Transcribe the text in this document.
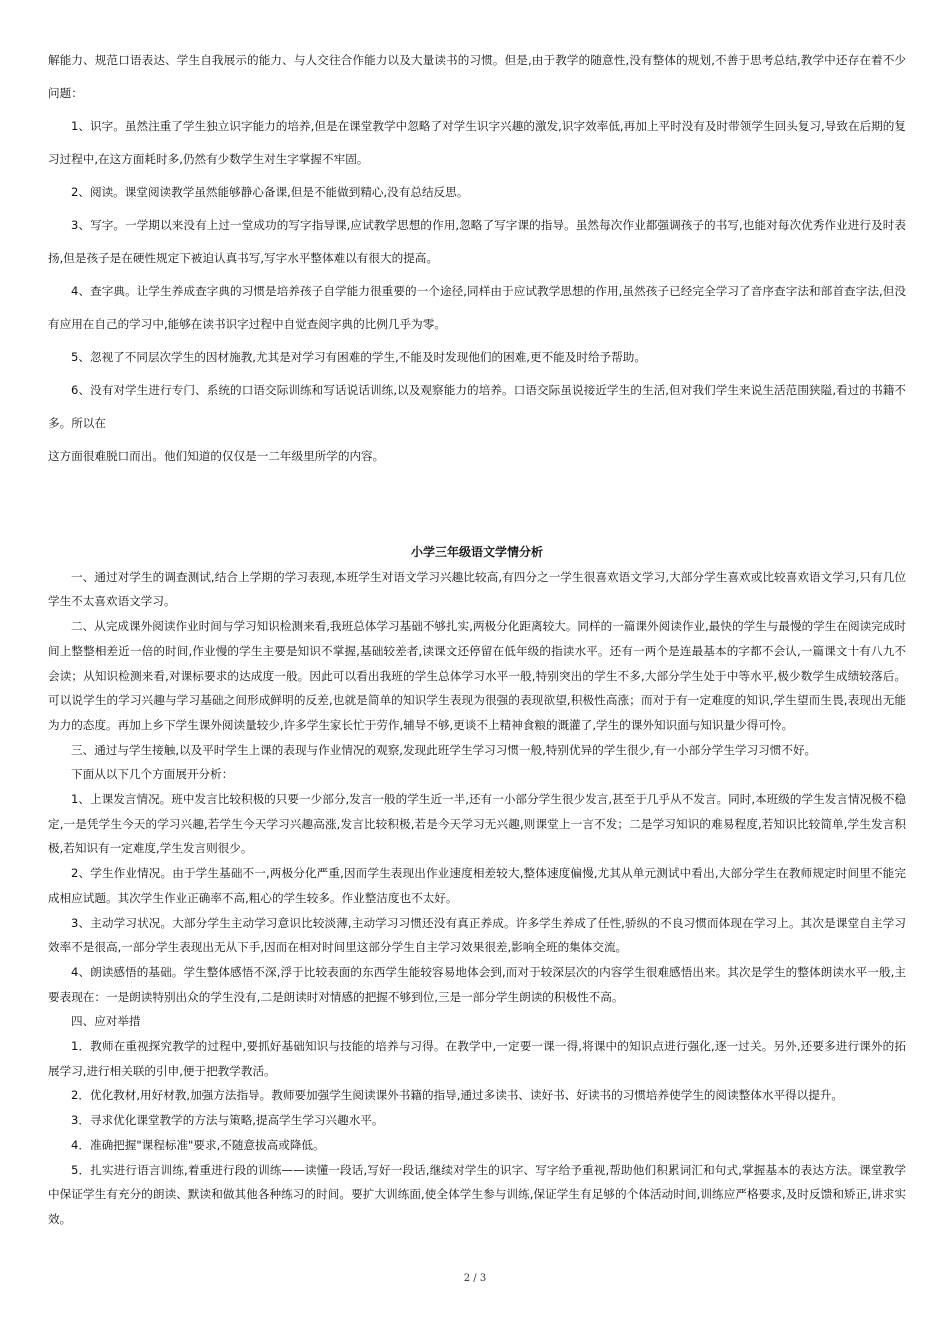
解能力、规范口语表达、学生自我展示的能力、与人交往合作能力以及大量读书的习惯。但是,由于教学的随意性,没有整体的规划,不善于思考总结,教学中还存在着不少问题：

1、识字。虽然注重了学生独立识字能力的培养,但是在课堂教学中忽略了对学生识字兴趣的激发,识字效率低,再加上平时没有及时带领学生回头复习,导致在后期的复习过程中,在这方面耗时多,仍然有少数学生对生字掌握不牢固。

2、阅读。课堂阅读教学虽然能够静心备课,但是不能做到精心,没有总结反思。

3、写字。一学期以来没有上过一堂成功的写字指导课,应试教学思想的作用,忽略了写字课的指导。虽然每次作业都强调孩子的书写,也能对每次优秀作业进行及时表扬,但是孩子是在硬性规定下被迫认真书写,写字水平整体难以有很大的提高。

4、查字典。让学生养成查字典的习惯是培养孩子自学能力很重要的一个途径,同样由于应试教学思想的作用,虽然孩子已经完全学习了音序查字法和部首查字法,但没有应用在自己的学习中,能够在读书识字过程中自觉查阅字典的比例几乎为零。

5、忽视了不同层次学生的因材施教,尤其是对学习有困难的学生,不能及时发现他们的困难,更不能及时给予帮助。

6、没有对学生进行专门、系统的口语交际训练和写话说话训练,以及观察能力的培养。口语交际虽说接近学生的生活,但对我们学生来说生活范围狭隘,看过的书籍不多。所以在

这方面很难脱口而出。他们知道的仅仅是一二年级里所学的内容。

小学三年级语文学情分析

一、通过对学生的调查测试,结合上学期的学习表现,本班学生对语文学习兴趣比较高,有四分之一学生很喜欢语文学习,大部分学生喜欢或比较喜欢语文学习,只有几位学生不太喜欢语文学习。

二、从完成课外阅读作业时间与学习知识检测来看,我班总体学习基础不够扎实,两极分化距离较大。同样的一篇课外阅读作业,最快的学生与最慢的学生在阅读完成时间上整整相差近一倍的时间,作业慢的学生主要是知识不掌握,基础较差者,读课文还停留在低年级的指读水平。还有一两个是连最基本的字都不会认,一篇课文十有八九不会读；从知识检测来看,对课标要求的达成度一般。因此可以看出我班的学生总体学习水平一般,特别突出的学生不多,大部分学生处于中等水平,极少数学生成绩较落后。可以说学生的学习兴趣与学习基础之间形成鲜明的反差,也就是简单的知识学生表现为很强的表现欲望,积极性高涨；而对于有一定难度的知识,学生望而生畏,表现出无能为力的态度。再加上乡下学生课外阅读量较少,许多学生家长忙于劳作,辅导不够,更谈不上精神食粮的溉灌了,学生的课外知识面与知识量少得可怜。

三、通过与学生接触,以及平时学生上课的表现与作业情况的观察,发现此班学生学习习惯一般,特别优异的学生很少,有一小部分学生学习习惯不好。

下面从以下几个方面展开分析：

1、上课发言情况。班中发言比较积极的只要一少部分,发言一般的学生近一半,还有一小部分学生很少发言,甚至于几乎从不发言。同时,本班级的学生发言情况极不稳定,一是凭学生今天的学习兴趣,若学生今天学习兴趣高涨,发言比较积极,若是今天学习无兴趣,则课堂上一言不发；二是学习知识的难易程度,若知识比较简单,学生发言积极,若知识有一定难度,学生发言则很少。

2、学生作业情况。由于学生基础不一,两极分化严重,因而学生表现出作业速度相差较大,整体速度偏慢,尤其从单元测试中看出,大部分学生在教师规定时间里不能完成相应试题。其次学生作业正确率不高,粗心的学生较多。作业整洁度也不太好。

3、主动学习状况。大部分学生主动学习意识比较淡薄,主动学习习惯还没有真正养成。许多学生养成了任性,骄纵的不良习惯而体现在学习上。其次是课堂自主学习效率不是很高,一部分学生表现出无从下手,因而在相对时间里这部分学生自主学习效果很差,影响全班的集体交流。

4、朗读感悟的基础。学生整体感悟不深,浮于比较表面的东西学生能较容易地体会到,而对于较深层次的内容学生很难感悟出来。其次是学生的整体朗读水平一般,主要表现在：一是朗读特别出众的学生没有,二是朗读时对情感的把握不够到位,三是一部分学生朗读的积极性不高。

四、应对举措

1．教师在重视探究教学的过程中,要抓好基础知识与技能的培养与习得。在教学中,一定要一课一得,将课中的知识点进行强化,逐一过关。另外,还要多进行课外的拓展学习,进行相关联的引申,便于把教学教活。

2．优化教材,用好材教,加强方法指导。教师要加强学生阅读课外书籍的指导,通过多读书、读好书、好读书的习惯培养使学生的阅读整体水平得以提升。

3．寻求优化课堂教学的方法与策略,提高学生学习兴趣水平。

4．准确把握"课程标准"要求,不随意拔高或降低。

5．扎实进行语言训练,着重进行段的训练——读懂一段话,写好一段话,继续对学生的识字、写字给予重视,帮助他们积累词汇和句式,掌握基本的表达方法。课堂教学中保证学生有充分的朗读、默读和做其他各种练习的时间。要扩大训练面,使全体学生参与训练,保证学生有足够的个体活动时间,训练应严格要求,及时反馈和矫正,讲求实效。

2 / 3
